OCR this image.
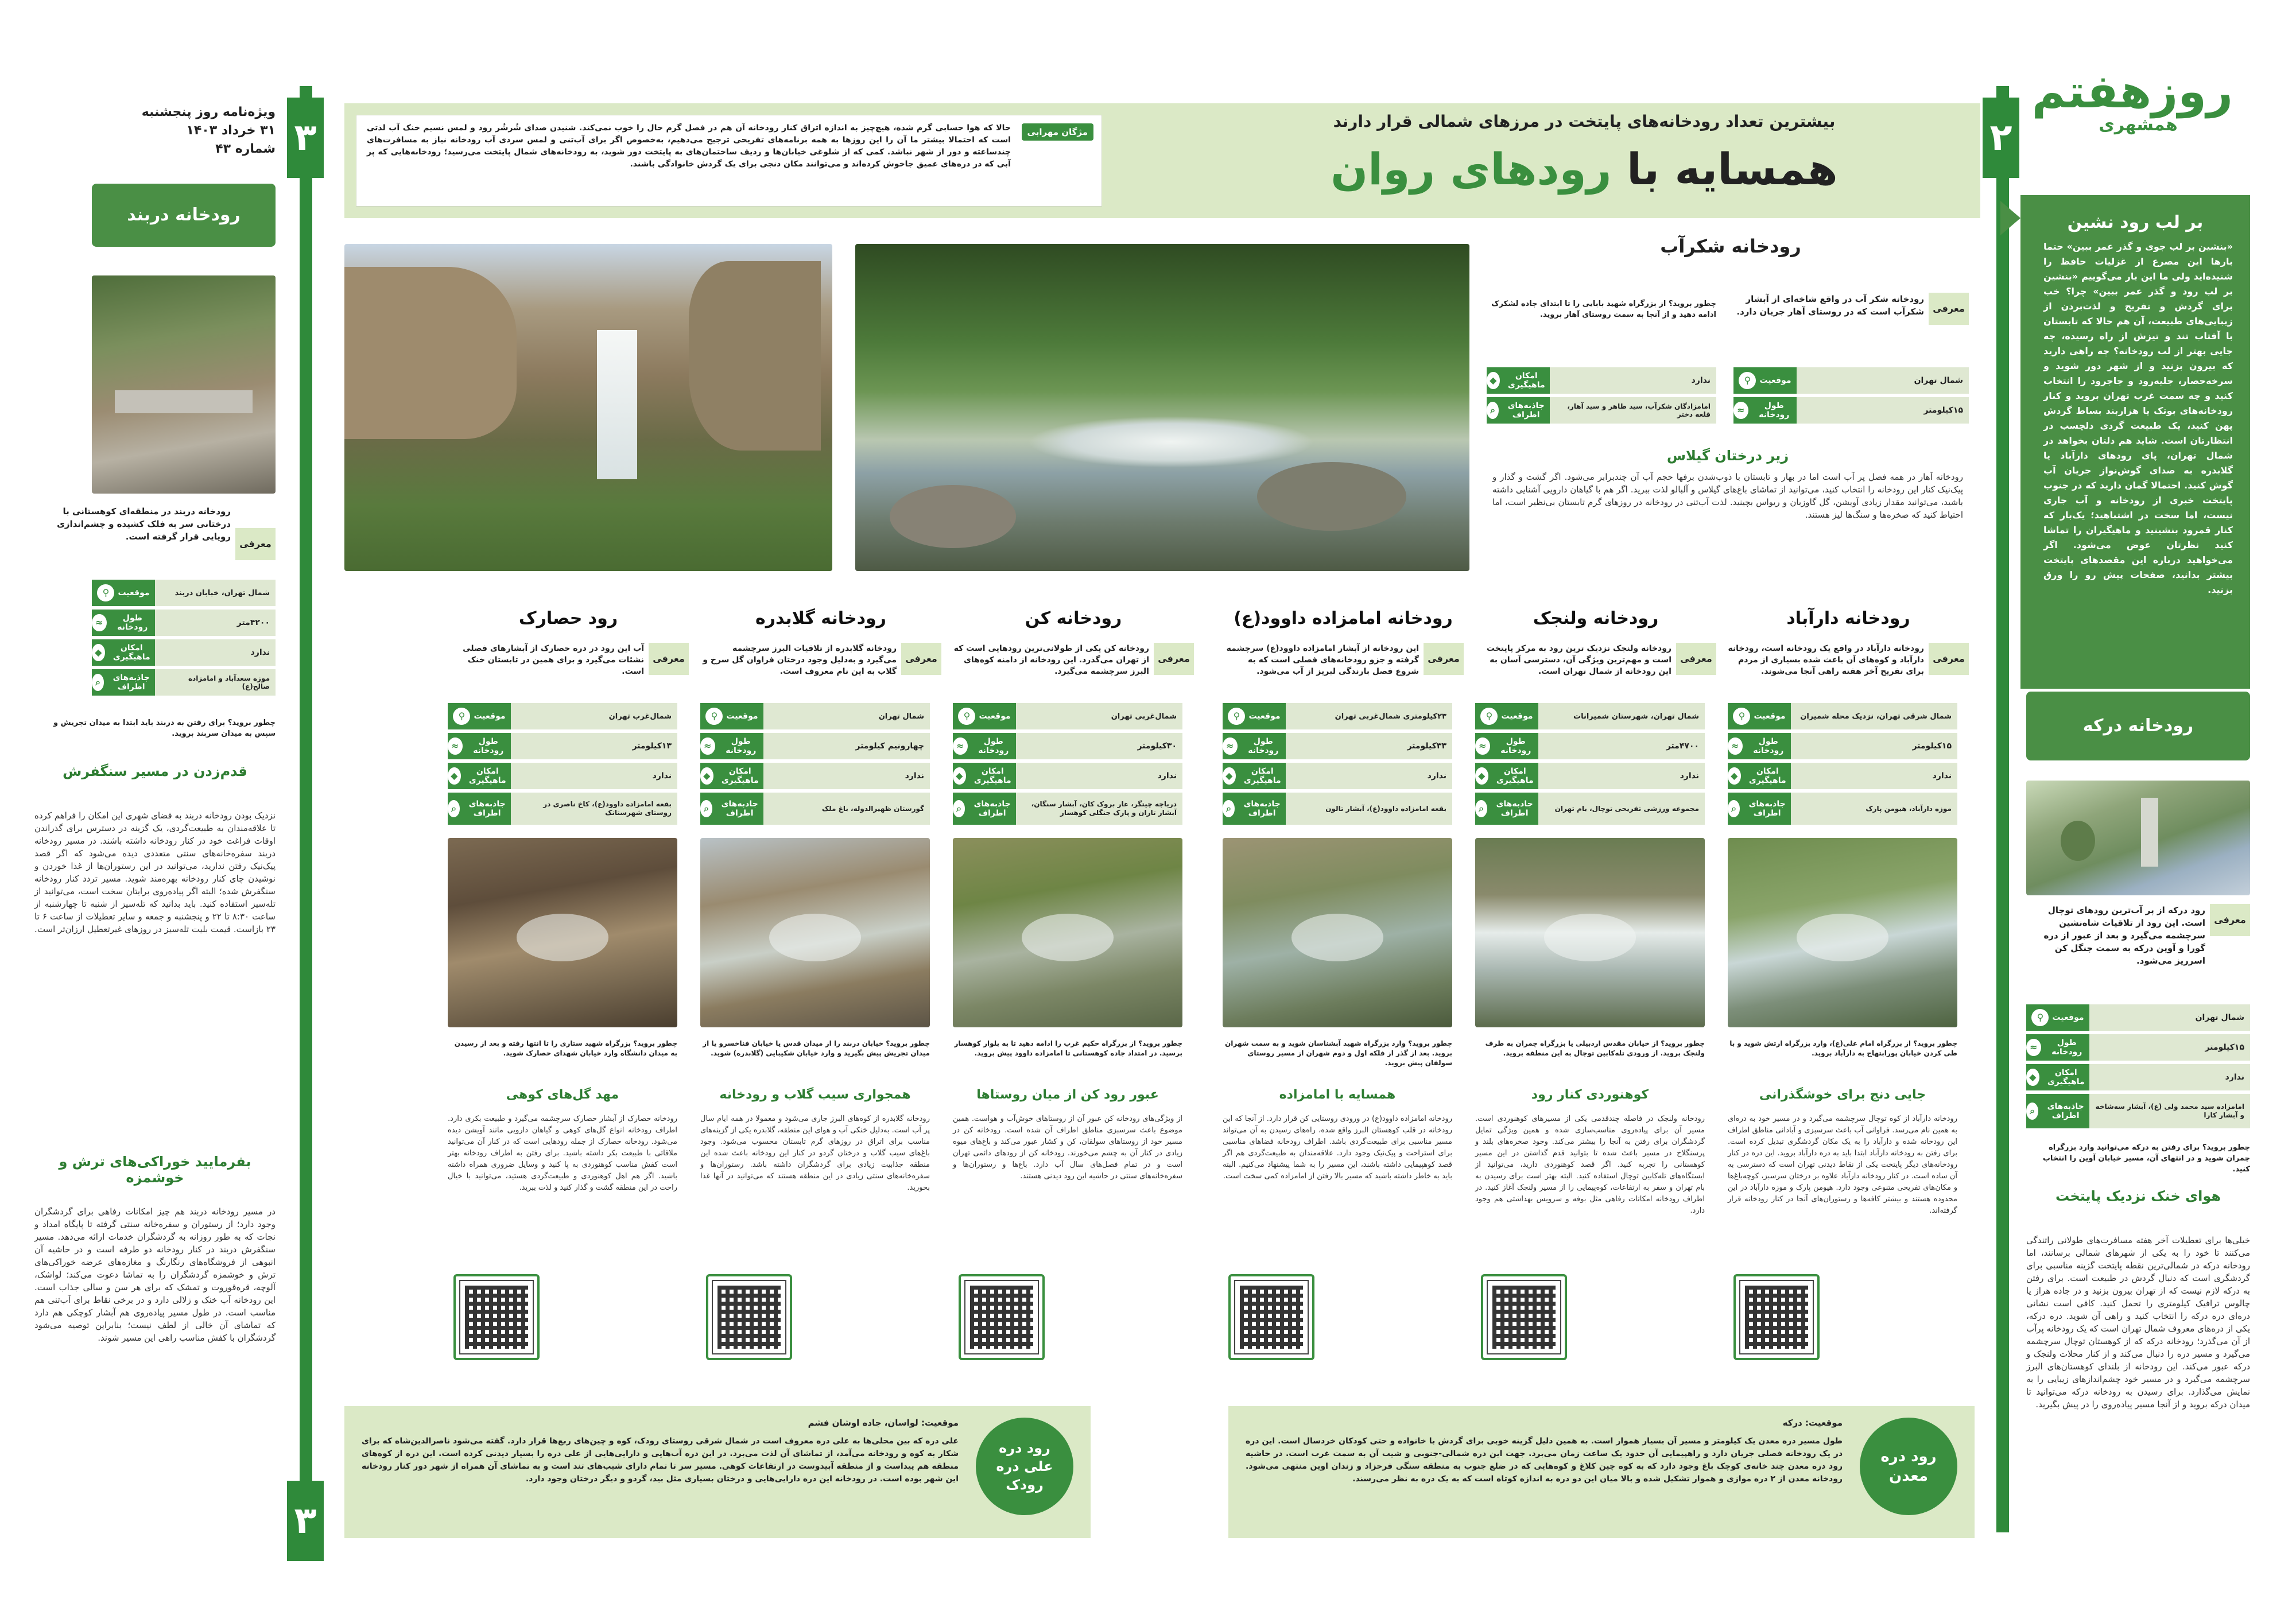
۲
۳
۳
روزهفتم
همشهری
بر لب رود نشین
«بنشین بر لب جوی و گذر عمر ببین» حتما بارها این مصرع از غزلیات حافظ را شنیده‌اید ولی ما این بار می‌گوییم «بنشین بر لب رود و گذر عمر ببین» چرا؟ خب برای گردش و تفریح و لذت‌بردن از زیبایی‌های طبیعت، آن هم حالا که تابستان با آفتاب تند و تیزش از راه رسیده، چه جایی بهتر از لب رودخانه؟ چه راهی دارید که بیرون بزنید و از شهر دور شوید و سرخه‌حصار، جلیه‌رود و جاجرود را انتخاب کنید و چه سمت غرب تهران بروید و کنار رودخانه‌های بوتک یا هزاربند بساط گردش پهن کنید، یک طبیعت گردی دلچسب در انتظارتان است. شاید هم دلتان بخواهد در شمال تهران، پای رودهای دارآباد یا گلابدره به صدای گوش‌نواز جریان آب گوش کنید. احتمالا گمان دارید که در جنوب پایتخت خبری از رودخانه و آب جاری نیست، اما سخت در اشتباهید؛ یک‌بار که کنار قمرود بنشینید و ماهیگیران را تماشا کنید نظرتان عوض می‌شود. اگر می‌خواهید درباره این مقصدهای پایتخت بیشتر بدانید، صفحات پیش رو را ورق بزنید.
رودخانه درکه
معرفی
رود درکه از پر آب‌ترین رودهای توچال است. این رود از تلاقیات شاه‌نشین سرچشمه می‌گیرد و بعد از عبور از دره گورا و آوین درکه به سمت جنگل کن اسرریز می‌شود.
شمال تهران
موقعیت
⚲
۱۵کیلومتر
طول رودخانه
≈
ندارد
امکان ماهیگیری
◆
امامزاده سید محمد ولی (ع)، آبشار سه‌شاخه و آبشار کارا
جاذبه‌های اطراف
⌕
چطور بروید؟ برای رفتن به درکه می‌توانید وارد بزرگراه چمران شوید و در انتهای آن، مسیر خیابان آوین را انتخاب کنید.
هوای خنک نزدیک پایتخت
خیلی‌ها برای تعطیلات آخر هفته مسافرت‌های طولانی راتندگی می‌کنند تا خود را به یکی از شهرهای شمالی برسانند، اما رودخانه درکه در شمالی‌ترین نقطه پایتخت گزینه مناسبی برای گردشگری است که دنبال گردش در طبیعت است. برای رفتن به درکه لازم نیست که از تهران بیرون بزنید و در جاده هراز یا چالوس ترافیک کیلومتری را تحمل کنید. کافی است نشانی دره‌ای دره درکه را انتخاب کنید و راهی آن شوید. دره درکه، یکی از دره‌های معروف شمال تهران است که یک رودخانه پرآب از آن می‌گذرد؛ رودخانه درکه که از کوهستان توچال سرچشمه می‌گیرد و مسیر دره را دنبال می‌کند و از کنار محلات ولنجک و درکه عبور می‌کند. این رودخانه از بلندای کوهستان‌های البرز سرچشمه می‌گیرد و در مسیر خود چشم‌اندازهای زیبایی را به نمایش می‌گذارد. برای رسیدن به رودخانه درکه می‌توانید تا میدان درکه بروید و از آنجا مسیر پیاده‌روی را در پیش بگیرید.
بیشترین تعداد رودخانه‌های پایتخت در مرزهای شمالی قرار دارند
همسایه با رودهای روان
مژگان مهرابی
حالا که هوا حسابی گرم شده، هیچ‌چیز به اندازه اتراق کنار رودخانه آن هم در فصل گرم حال را خوب نمی‌کند. شنیدن صدای شُرشُر رود و لمس نسیم خنک آب لذتی است که احتمالا بیشتر ما آن را این روزها به همه برنامه‌های تفریحی ترجیح می‌دهیم، به‌خصوص اگر برای آب‌تنی و لمس سردی آب رودخانه نیاز به مسافرت‌های چندساعته و دور از شهر نباشد. کمی که از شلوغی خیابان‌ها و ردیف ساختمان‌های به پایتخت دور شوید، به رودخانه‌های شمال پایتخت می‌رسید؛ رودخانه‌هایی که پر آبی که در دره‌های عمیق جاخوش کرده‌اند و می‌توانند مکان دنجی برای یک گردش خانوادگی باشند.
رودخانه شکرآب
معرفی
رودخانه شکر آب در واقع شاخه‌ای از آبشار شکرآب است که در روستای آهار جریان دارد.
چطور بروید؟ از بزرگراه شهید بابایی را تا ابتدای جاده لشکرک ادامه دهید و از آنجا به سمت روستای آهار بروید.
شمال تهران
موقعیت
⚲
۱۵کیلومتر
طول رودخانه
≈
ندارد
امکان ماهیگیری
◆
امامزادگان شکرآب، سید طاهر و سید آهار، قلعه دختر
جاذبه‌های اطراف
⌕
زیر درختان گیلاس
رودخانه آهار در همه فصل پر آب است اما در بهار و تابستان با ذوب‌شدن برفها حجم آب آن چندبرابر می‌شود. اگر گشت و گذار و پیک‌نیک کنار این رودخانه را انتخاب کنید، می‌توانید از تماشای باغ‌های گیلاس و آلبالو لذت ببرید. اگر هم با گیاهان دارویی آشنایی داشته باشید، می‌توانید مقدار زیادی آویشن، گل گاوزبان و ریواس بچینید. لذت آب‌تنی در رودخانه در روزهای گرم تابستان بی‌نظیر است، اما احتیاط کنید که صخره‌ها و سنگ‌ها لیز هستند.
رودخانه دارآباد
معرفی
رودخانه دارآباد در واقع یک رودخانه است، رودخانه دارآباد و کوه‌های آن باعث شده بسیاری از مردم برای تفریح آخر هفته راهی آنجا می‌شوند.
شمال شرقی تهران، نزدیک محله شمیران
موقعیت
⚲
۱۵کیلومتر
طول رودخانه
≈
ندارد
امکان ماهیگیری
◆
موزه دارآباد، هیومن پارک
جاذبه‌های اطراف
⌕
چطور بروید؟ از بزرگراه امام علی(ع)، وارد بزرگراه ارتش شوید و با طی کردن خیابان پورابتهاج به دارآباد بروید.
جایی دنج برای خوشگذرانی
رودخانه دارآباد از کوه توچال سرچشمه می‌گیرد و در مسیر خود به دره‌ای به همین نام می‌رسد. فراوانی آب باعث سرسبزی و آبادانی مناطق اطراف این رودخانه شده و دارآباد را به یک مکان گردشگری تبدیل کرده است. برای رفتن به رودخانه دارآباد ابتدا باید به دره دارآباد بروید. این دره در کنار رودخانه‌های دیگر پایتخت یکی از نقاط دیدنی تهران است که دسترسی به آن ساده است. در کنار رودخانه دارآباد علاوه بر درختان سرسبز، کوچه‌باغ‌ها و مکان‌های تفریحی متنوعی وجود دارد. هیومن پارک و موزه دارآباد در این محدوده هستند و بیشتر کافه‌ها و رستوران‌های آنجا در کنار رودخانه قرار گرفته‌اند.
رودخانه ولنجک
معرفی
رودخانه ولنجک نزدیک ترین رود به مرکز پایتخت است و مهم‌ترین ویژگی آن، دسترسی آسان به این رودخانه از شمال تهران است.
شمال تهران، شهرستان شمیرانات
موقعیت
⚲
۴۷۰۰متر
طول رودخانه
≈
ندارد
امکان ماهیگیری
◆
مجموعه ورزشی تفریحی توچال، بام تهران
جاذبه‌های اطراف
⌕
چطور بروید؟ از خیابان مقدس اردبیلی یا بزرگراه چمران به طرف ولنجک بروید. از ورودی تله‌کابین توچال به این منطقه بروید.
کوهنوردی کنار رود
رودخانه ولنجک در فاصله چندقدمی یکی از مسیرهای کوهنوردی است. مسیر آن برای پیاده‌روی مناسب‌سازی شده و همین ویژگی تمایل گردشگران برای رفتن به آنجا را بیشتر می‌کند. وجود صخره‌های بلند و پرسنگلاخ در مسیر باعث شده تا بتوانید قدم گذاشتن در این مسیر کوهستانی را تجربه کنید. اگر قصد کوهنوردی دارید، می‌توانید از ایستگاه‌های تله‌کابین توچال استفاده کنید. البته بهتر است برای رسیدن به بام تهران و سفر به ارتفاعات، کوه‌پیمایی را از مسیر ولنجک آغاز کنید. در اطراف رودخانه امکانات رفاهی مثل بوفه و سرویس بهداشتی هم وجود دارد.
رودخانه امامزاده داوود(ع)
معرفی
این رودخانه از آبشار امامزاده داوود(ع) سرچشمه گرفته و جزو رودخانه‌های فصلی است که به شروع فصل بارندگی لبریز از آب می‌شود.
۲۳کیلومتری شمال‌غربی تهران
موقعیت
⚲
۳۳کیلومتر
طول رودخانه
≈
ندارد
امکان ماهیگیری
◆
بقعه امامزاده داوود(ع)، آبشار تالون
جاذبه‌های اطراف
⌕
چطور بروید؟ وارد بزرگراه شهید آبشناسان شوید و به سمت شهران بروید. بعد از گذر از فلکه اول و دوم شهران از مسیر روستای سولقان پیش بروید.
همسایه با امامزاده
رودخانه امامزاده داوود(ع) در ورودی روستایی کن قرار دارد. از آنجا که این رودخانه در قلب کوهستان البرز واقع شده، راه‌های رسیدن به آن می‌تواند مسیر مناسبی برای طبیعت‌گردی باشد. اطراف رودخانه فضاهای مناسبی برای استراحت و پیک‌نیک وجود دارد. علاقه‌مندان به طبیعت‌گردی هم اگر قصد کوهپیمایی داشته باشند، این مسیر را به شما پیشنهاد می‌کنیم. البته باید به خاطر داشته باشید که مسیر بالا رفتن از امامزاده کمی سخت است.
رودخانه کن
معرفی
رودخانه کن یکی از طولانی‌ترین رودهایی است که از تهران می‌گذرد. این رودخانه از دامنه کوه‌های البرز سرچشمه می‌گیرد.
شمال‌غربی تهران
موقعیت
⚲
۳۰کیلومتر
طول رودخانه
≈
ندارد
امکان ماهیگیری
◆
دریاچه چیتگر، غار بروک کان، آبشار سنگان، آبشار تاران و پارک جنگلی کوهسار
جاذبه‌های اطراف
⌕
چطور بروید؟ از بزرگراه حکیم غرب را ادامه دهید تا به بلوار کوهسار برسید. در امتداد جاده کوهستانی تا امامزاده داوود پیش بروید.
عبور رود کن از میان روستاها
از ویژگی‌های رودخانه کن عبور آن از روستاهای خوش‌آب و هواست. همین موضوع باعث سرسبزی مناطق اطراف آن شده است. رودخانه کن در مسیر خود از روستاهای سولقان، کن و کشار عبور می‌کند و باغ‌های میوه زیادی در کنار آن به چشم می‌خورند. رودخانه کن از رودهای دائمی تهران است و در تمام فصل‌های سال آب دارد. باغ‌ها و رستوران‌ها و سفره‌خانه‌های سنتی در حاشیه این رود دیدنی هستند.
رودخانه گلابدره
معرفی
رودخانه گلابدره از تلاقیات البرز سرچشمه می‌گیرد و به‌دلیل وجود درختان فراوان گل سرخ و گلاب به این نام معروف است.
شمال تهران
موقعیت
⚲
چهارونیم کیلومتر
طول رودخانه
≈
ندارد
امکان ماهیگیری
◆
گورستان ظهیرالدوله، باغ ملک
جاذبه‌های اطراف
⌕
چطور بروید؟ خیابان دربند را از میدان قدس یا خیابان فناخسرو یا از میدان تجریش پیش بگیرید و وارد خیابان شکیبایی (گلابدره) شوید.
همجواری سیب گلاب و رودخانه
رودخانه گلابدره از کوه‌های البرز جاری می‌شود و معمولا در همه ایام سال پر آب است. به‌دلیل خنکی آب و هوای این منطقه، گلابدره یکی از گزینه‌های مناسب برای اتراق در روزهای گرم تابستان محسوب می‌شود. وجود باغ‌های سیب گلاب و درختان گردو در کنار این رودخانه باعث شده این منطقه جذابیت زیادی برای گردشگران داشته باشد. رستوران‌ها و سفره‌خانه‌های سنتی زیادی در این منطقه هستند که می‌توانید در آنها غذا بخورید.
رود حصارک
معرفی
آب این رود در دره حصارک از آبشارهای فصلی نشئات می‌گیرد و برای همین در تابستان خنک است.
شمال‌غرب تهران
موقعیت
⚲
۱۳کیلومتر
طول رودخانه
≈
ندارد
امکان ماهیگیری
◆
بقعه امامزاده داوود(ع)، کاخ ناصری در روستای شهرستانک
جاذبه‌های اطراف
⌕
چطور بروید؟ بزرگراه شهید ستاری را تا انتها رفته و بعد از رسیدن به میدان دانشگاه وارد خیابان شهدای حصارک شوید.
مهد گل‌های کوهی
رودخانه حصارک از آبشار حصارک سرچشمه می‌گیرد و طبیعت بکری دارد. اطراف رودخانه انواع گل‌های کوهی و گیاهان دارویی مانند آویشن دیده می‌شود. رودخانه حصارک از جمله رودهایی است که در کنار آن می‌توانید ملاقاتی با طبیعت بکر داشته باشید. برای رفتن به اطراف رودخانه بهتر است کفش مناسب کوهنوردی به پا کنید و وسایل ضروری همراه داشته باشید. اگر هم اهل کوهنوردی و طبیعت‌گردی هستید، می‌توانید با خیال راحت در این منطقه گشت و گذار کنید و لذت ببرید.
ویژه‌نامه روز پنجشنبه
۳۱ خرداد ۱۴۰۳
شماره ۴۳
رودخانه دربند
معرفی
رودخانه دربند در منطقه‌ای کوهستانی با درختانی سر به فلک کشیده و چشم‌اندازی رویایی قرار گرفته است.
شمال تهران، خیابان دربند
موقعیت
⚲
۴۲۰۰متر
طول رودخانه
≈
ندارد
امکان ماهیگیری
◆
موزه سعدآباد و امامزاده صالح(ع)
جاذبه‌های اطراف
⌕
چطور بروید؟ برای رفتن به دربند باید ابتدا به میدان تجریش و سپس به میدان سربند بروید.
قدم‌زدن در مسیر سنگفرش
نزدیک بودن رودخانه دربند به فضای شهری این امکان را فراهم کرده تا علاقه‌مندان به طبیعت‌گردی، یک گزینه در دسترس برای گذراندن اوقات فراغت خود در کنار رودخانه داشته باشند. در مسیر رودخانه دربند سفره‌خانه‌های سنتی متعددی دیده می‌شود که اگر قصد پیک‌نیک رفتن ندارید، می‌توانید در این رستوران‌ها از غذا خوردن و نوشیدن چای کنار رودخانه بهره‌مند شوید. مسیر تردد کنار رودخانه سنگفرش شده؛ البته اگر پیاده‌روی برایتان سخت است، می‌توانید از تله‌سیز استفاده کنید. باید بدانید که تله‌سیز از شنبه تا چهارشنبه از ساعت ۸:۳۰ تا ۲۲ و پنجشنبه و جمعه و سایر تعطیلات از ساعت ۶ تا ۲۳ بازاست. قیمت بلیت تله‌سیز در روزهای غیرتعطیل ارزان‌تر است.
بفرمایید خوراکی‌های ترش و خوشمزه
در مسیر رودخانه دربند هم چیز امکانات رفاهی برای گردشگران وجود دارد؛ از رستوران و سفره‌خانه سنتی گرفته تا پایگاه امداد و نجات که به طور روزانه به گردشگران خدمات ارائه می‌دهد. مسیر سنگفرش دربند در کنار رودخانه دو طرفه است و در حاشیه آن انبوهی از فروشگاه‌های رنگارنگ و مغازه‌های عرضه خوراکی‌های ترش و خوشمزه گردشگران را به تماشا دعوت می‌کند؛ لواشک، آلوچه، قره‌قوروت و تمشک که برای هر سن و سالی جذاب است. این رودخانه آب خنک و زلالی دارد و در برخی نقاط برای آب‌تنی هم مناسب است. در طول مسیر پیاده‌روی هم آبشار کوچکی هم دارد که تماشای آن خالی از لطف نیست؛ بنابراین توصیه می‌شود گردشگران با کفش مناسب راهی این مسیر شوند.
رود دره معدن
موقعیت: درکه
طول مسیر دره معدن یک کیلومتر و مسیر آن بسیار هموار است. به همین دلیل گزینه خوبی برای گردش با خانواده و حتی کودکان خردسال است. این دره در یک رودخانه فصلی جریان دارد و راهپیمایی آن حدود یک ساعت زمان می‌برد. جهت این دره شمالی-جنوبی و شیب آن به سمت غرب است. در حاشیه رود دره معدن چند خانه‌ی کوچک باغ وجود دارد که به کوه چین کلاغ و کوه‌هایی که در ضلع جنوب به منطقه سنگی فرحزاد و زندان اوین منتهی می‌شود. رودخانه معدن از ۲ دره موازی و هموار تشکیل شده و بالا میان این دو دره به اندازه کوتاه است که به یک دره به نظر می‌رسند.
رود دره علی دره رودک
موقعیت: لواسان، جاده اوشان فشم
علی دره که بین محلی‌ها به علی دره معروف است در شمال شرقی روستای رودک، کوه و چین‌های ربع‌ها قرار دارد. گفته می‌شود ناصرالدین‌شاه که برای شکار به کوه و رودخانه می‌آمد، از تماشای آن لذت می‌برد. در این دره آب‌هایی و دارایی‌هایی از علی دره را بسیار دیدنی کرده است. این دره از کوه‌های منطقه هم پیداست و از منطقه آبیدوست در ارتفاعات کوهی. مسیر سر تا تمام دارای شیب‌های تند است و به تماشای آن همراه از شهر دور کنار رودخانه این شهر بوده است. در رودخانه این دره دارایی‌هایی و درختان بسیاری مثل بید، گردو و دیگر درختان وجود دارد.
